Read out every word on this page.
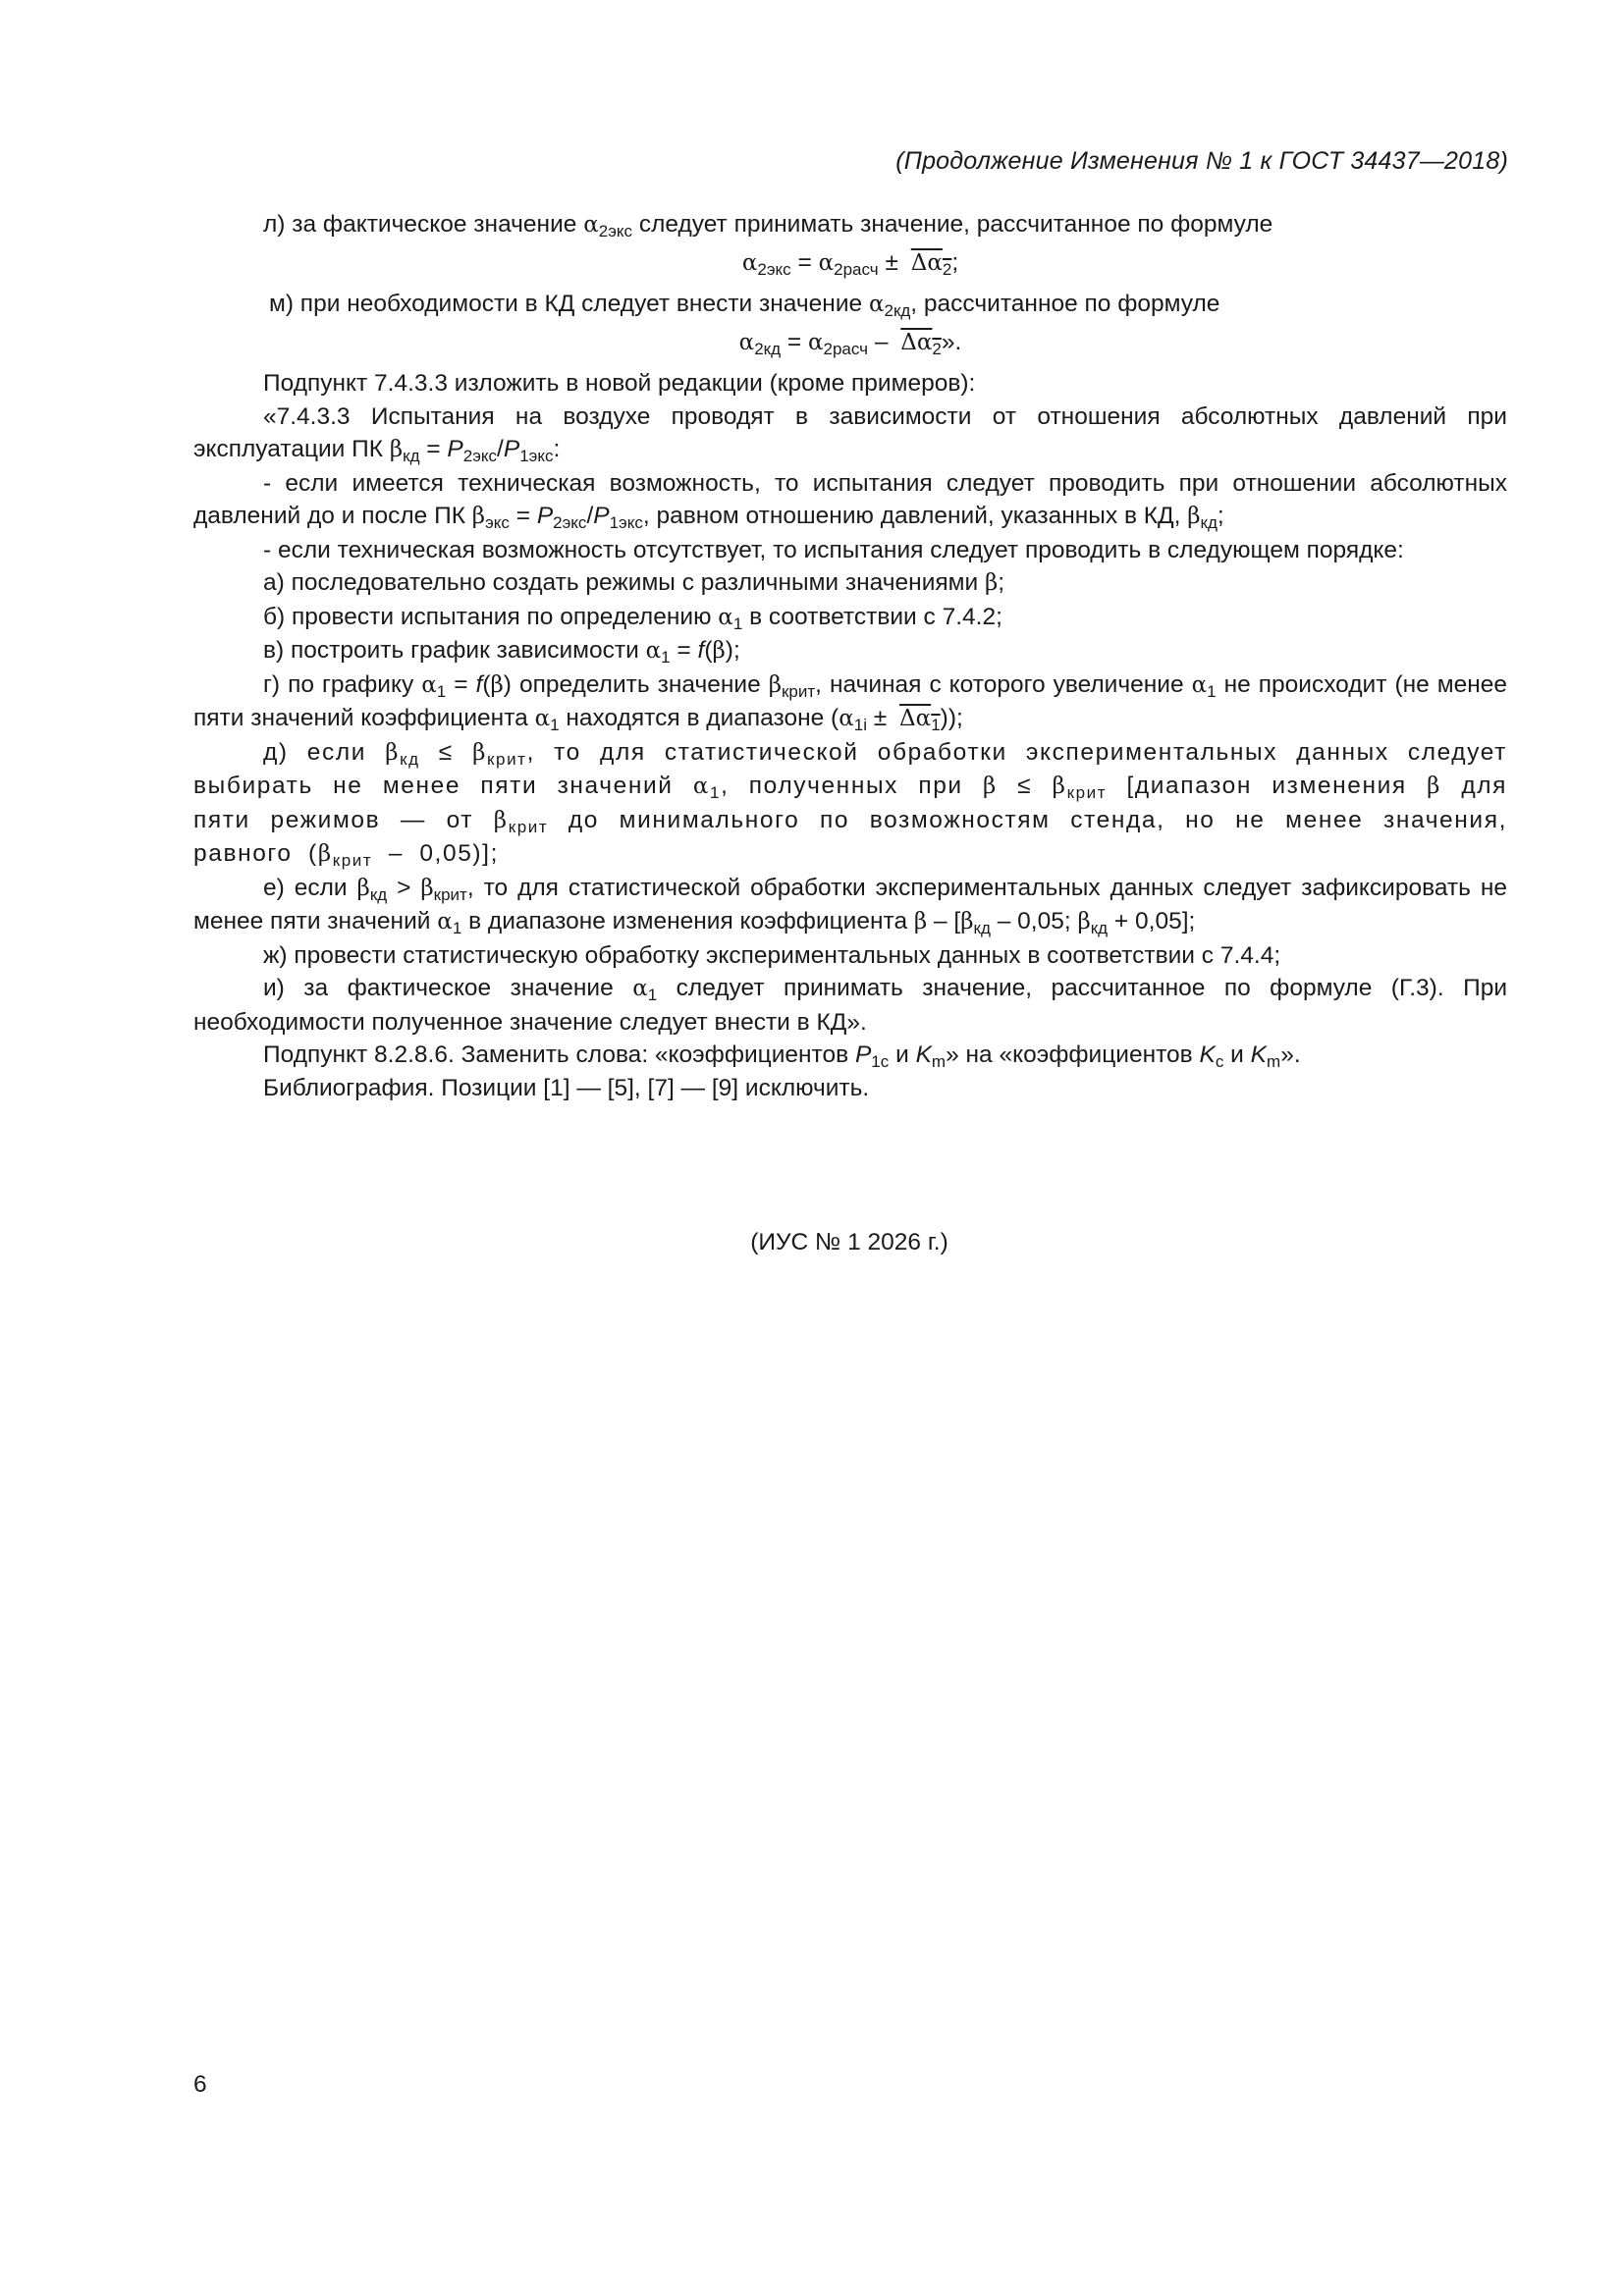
(Продолжение Изменения № 1 к ГОСТ 34437—2018)

л) за фактическое значение $\alpha_{2экс}$ следует принимать значение, рассчитанное по формуле

$\alpha_{2экс} = \alpha_{2расч} \pm \Delta\alpha_2$;

м) при необходимости в КД следует внести значение $\alpha_{2кд}$, рассчитанное по формуле

$\alpha_{2кд} = \alpha_{2расч} - \Delta\alpha_2$».

Подпункт 7.4.3.3 изложить в новой редакции (кроме примеров):

«7.4.3.3 Испытания на воздухе проводят в зависимости от отношения абсолютных давлений при эксплуатации ПК $\beta_{кд} = P_{2экс}/P_{1экс}$:

- если имеется техническая возможность, то испытания следует проводить при отношении абсолютных давлений до и после ПК $\beta_{экс} = P_{2экс}/P_{1экс}$, равном отношению давлений, указанных в КД, $\beta_{кд}$;

- если техническая возможность отсутствует, то испытания следует проводить в следующем порядке:

а) последовательно создать режимы с различными значениями β;

б) провести испытания по определению $\alpha_1$ в соответствии с 7.4.2;

в) построить график зависимости $\alpha_1 = f(\beta)$;

г) по графику $\alpha_1 = f(\beta)$ определить значение $\beta_{крит}$, начиная с которого увеличение $\alpha_1$ не происходит (не менее пяти значений коэффициента $\alpha_1$ находятся в диапазоне $(\alpha_{1i} \pm \Delta\alpha_1)$);

д) если $\beta_{кд} \le \beta_{крит}$, то для статистической обработки экспериментальных данных следует выбирать не менее пяти значений $\alpha_1$, полученных при $\beta \le \beta_{крит}$ [диапазон изменения β для пяти режимов — от $\beta_{крит}$ до минимального по возможностям стенда, но не менее значения, равного $(\beta_{крит} - 0,05)$];

е) если $\beta_{кд} > \beta_{крит}$, то для статистической обработки экспериментальных данных следует зафиксировать не менее пяти значений $\alpha_1$ в диапазоне изменения коэффициента β – [$\beta_{кд} - 0,05$; $\beta_{кд} + 0,05$];

ж) провести статистическую обработку экспериментальных данных в соответствии с 7.4.4;

и) за фактическое значение $\alpha_1$ следует принимать значение, рассчитанное по формуле (Г.3). При необходимости полученное значение следует внести в КД».

Подпункт 8.2.8.6. Заменить слова: «коэффициентов $P_{1c}$ и $K_m$» на «коэффициентов $K_c$ и $K_m$».

Библиография. Позиции [1] — [5], [7] — [9] исключить.

(ИУС № 1 2026 г.)
6
